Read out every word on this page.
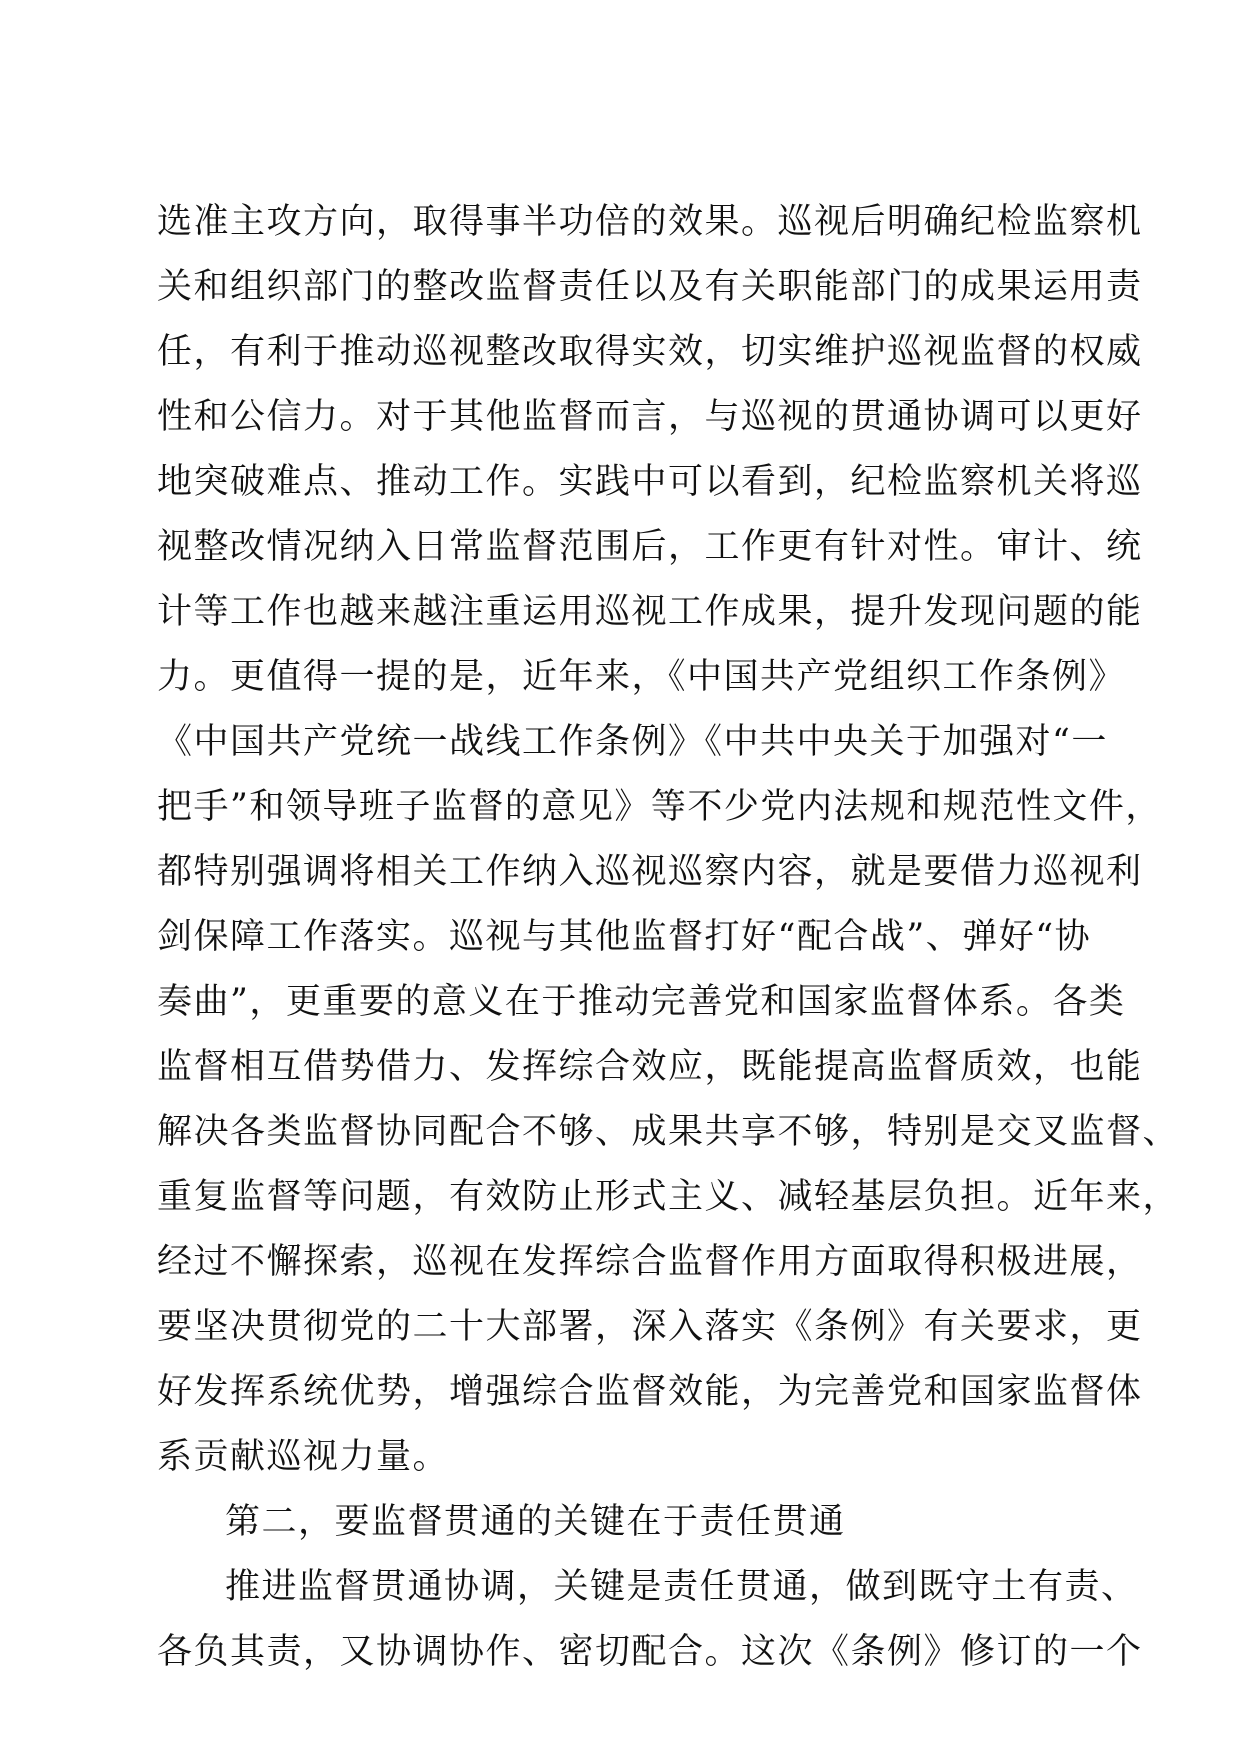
选准主攻方向，取得事半功倍的效果。巡视后明确纪检监察机
关和组织部门的整改监督责任以及有关职能部门的成果运用责
任，有利于推动巡视整改取得实效，切实维护巡视监督的权威
性和公信力。对于其他监督而言，与巡视的贯通协调可以更好
地突破难点、推动工作。实践中可以看到，纪检监察机关将巡
视整改情况纳入日常监督范围后，工作更有针对性。审计、统
计等工作也越来越注重运用巡视工作成果，提升发现问题的能
力。更值得一提的是，近年来，《中国共产党组织工作条例》
《中国共产党统一战线工作条例》《中共中央关于加强对“一
把手”和领导班子监督的意见》等不少党内法规和规范性文件，
都特别强调将相关工作纳入巡视巡察内容，就是要借力巡视利
剑保障工作落实。巡视与其他监督打好“配合战”、弹好“协
奏曲”，更重要的意义在于推动完善党和国家监督体系。各类
监督相互借势借力、发挥综合效应，既能提高监督质效，也能
解决各类监督协同配合不够、成果共享不够，特别是交叉监督、
重复监督等问题，有效防止形式主义、减轻基层负担。近年来，
经过不懈探索，巡视在发挥综合监督作用方面取得积极进展，
要坚决贯彻党的二十大部署，深入落实《条例》有关要求，更
好发挥系统优势，增强综合监督效能，为完善党和国家监督体
系贡献巡视力量。
第二，要监督贯通的关键在于责任贯通
推进监督贯通协调，关键是责任贯通，做到既守土有责、
各负其责，又协调协作、密切配合。这次《条例》修订的一个
